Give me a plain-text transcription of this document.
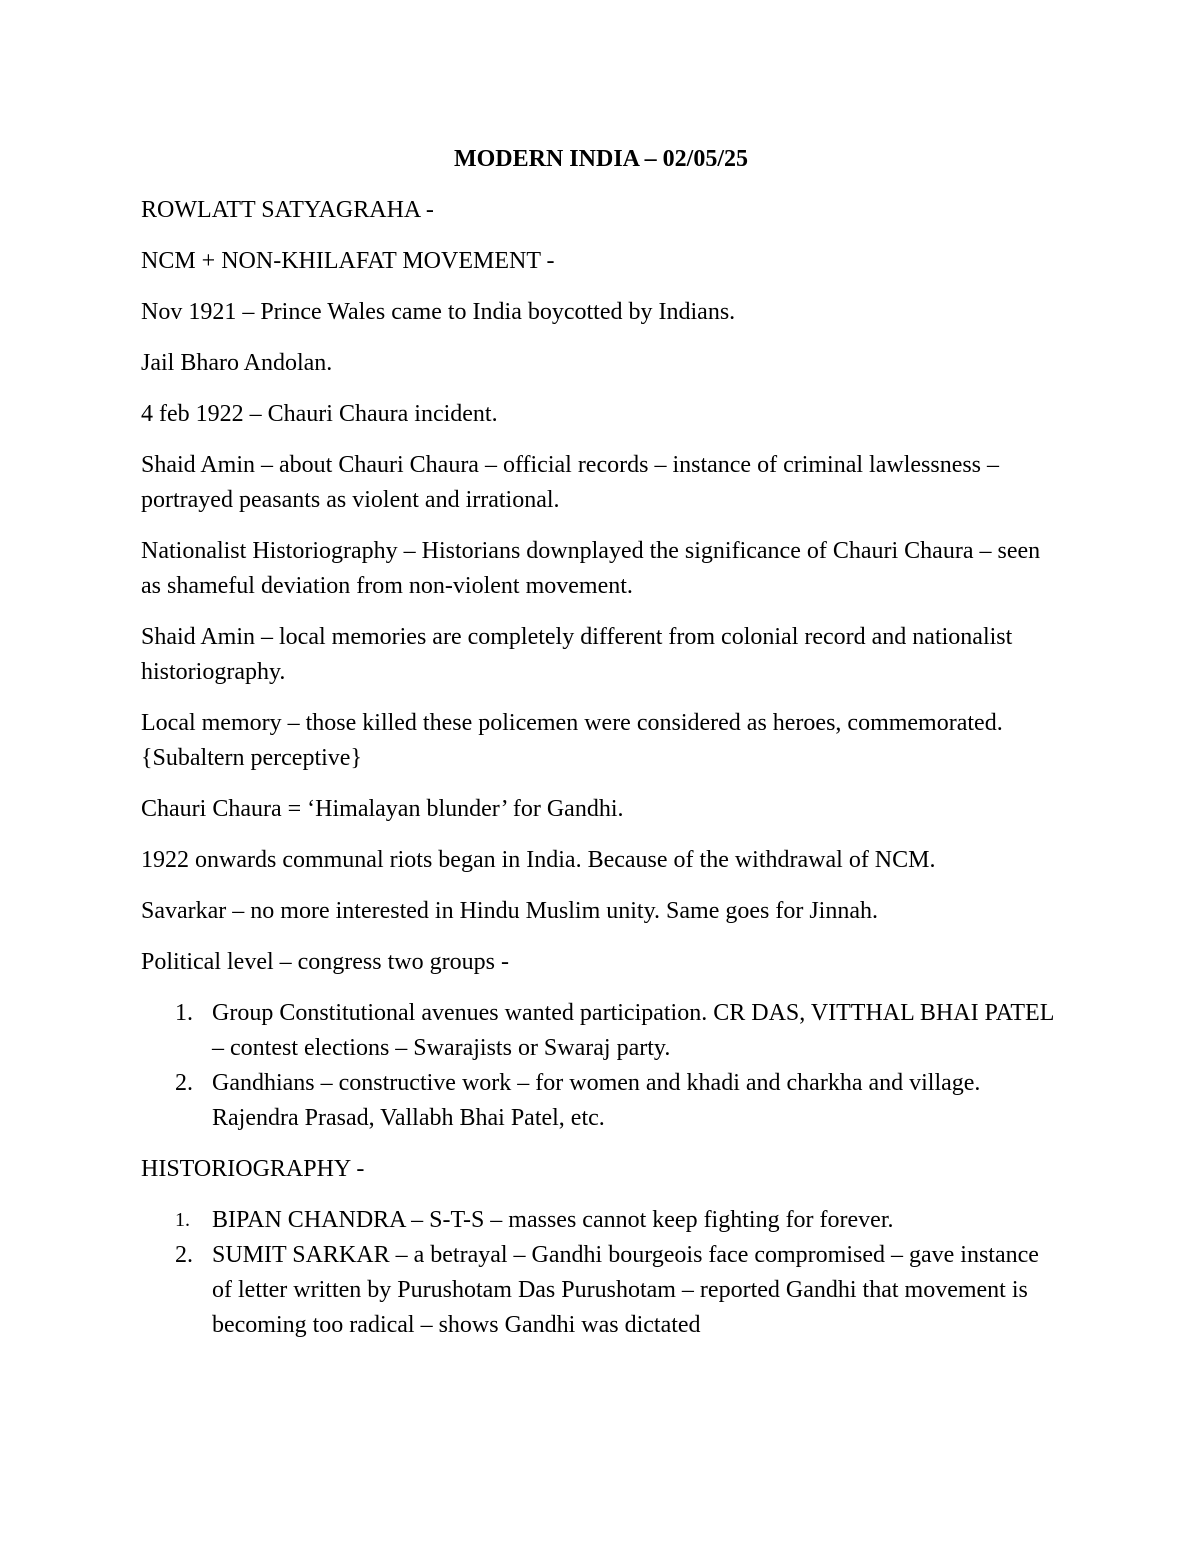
MODERN INDIA – 02/05/25

ROWLATT SATYAGRAHA -

NCM + NON-KHILAFAT MOVEMENT -

Nov 1921 – Prince Wales came to India boycotted by Indians.

Jail Bharo Andolan.

4 feb 1922 – Chauri Chaura incident.

Shaid Amin – about Chauri Chaura – official records – instance of criminal lawlessness – portrayed peasants as violent and irrational.

Nationalist Historiography – Historians downplayed the significance of Chauri Chaura – seen as shameful deviation from non-violent movement.

Shaid Amin – local memories are completely different from colonial record and nationalist historiography.

Local memory – those killed these policemen were considered as heroes, commemorated. {Subaltern perceptive}

Chauri Chaura = ‘Himalayan blunder’ for Gandhi.

1922 onwards communal riots began in India. Because of the withdrawal of NCM.

Savarkar – no more interested in Hindu Muslim unity. Same goes for Jinnah.

Political level – congress two groups -

1. Group Constitutional avenues wanted participation. CR DAS, VITTHAL BHAI PATEL – contest elections – Swarajists or Swaraj party.
2. Gandhians – constructive work – for women and khadi and charkha and village. Rajendra Prasad, Vallabh Bhai Patel, etc.

HISTORIOGRAPHY -

1. BIPAN CHANDRA – S-T-S – masses cannot keep fighting for forever.
2. SUMIT SARKAR – a betrayal – Gandhi bourgeois face compromised – gave instance of letter written by Purushotam Das Purushotam – reported Gandhi that movement is becoming too radical – shows Gandhi was dictated
